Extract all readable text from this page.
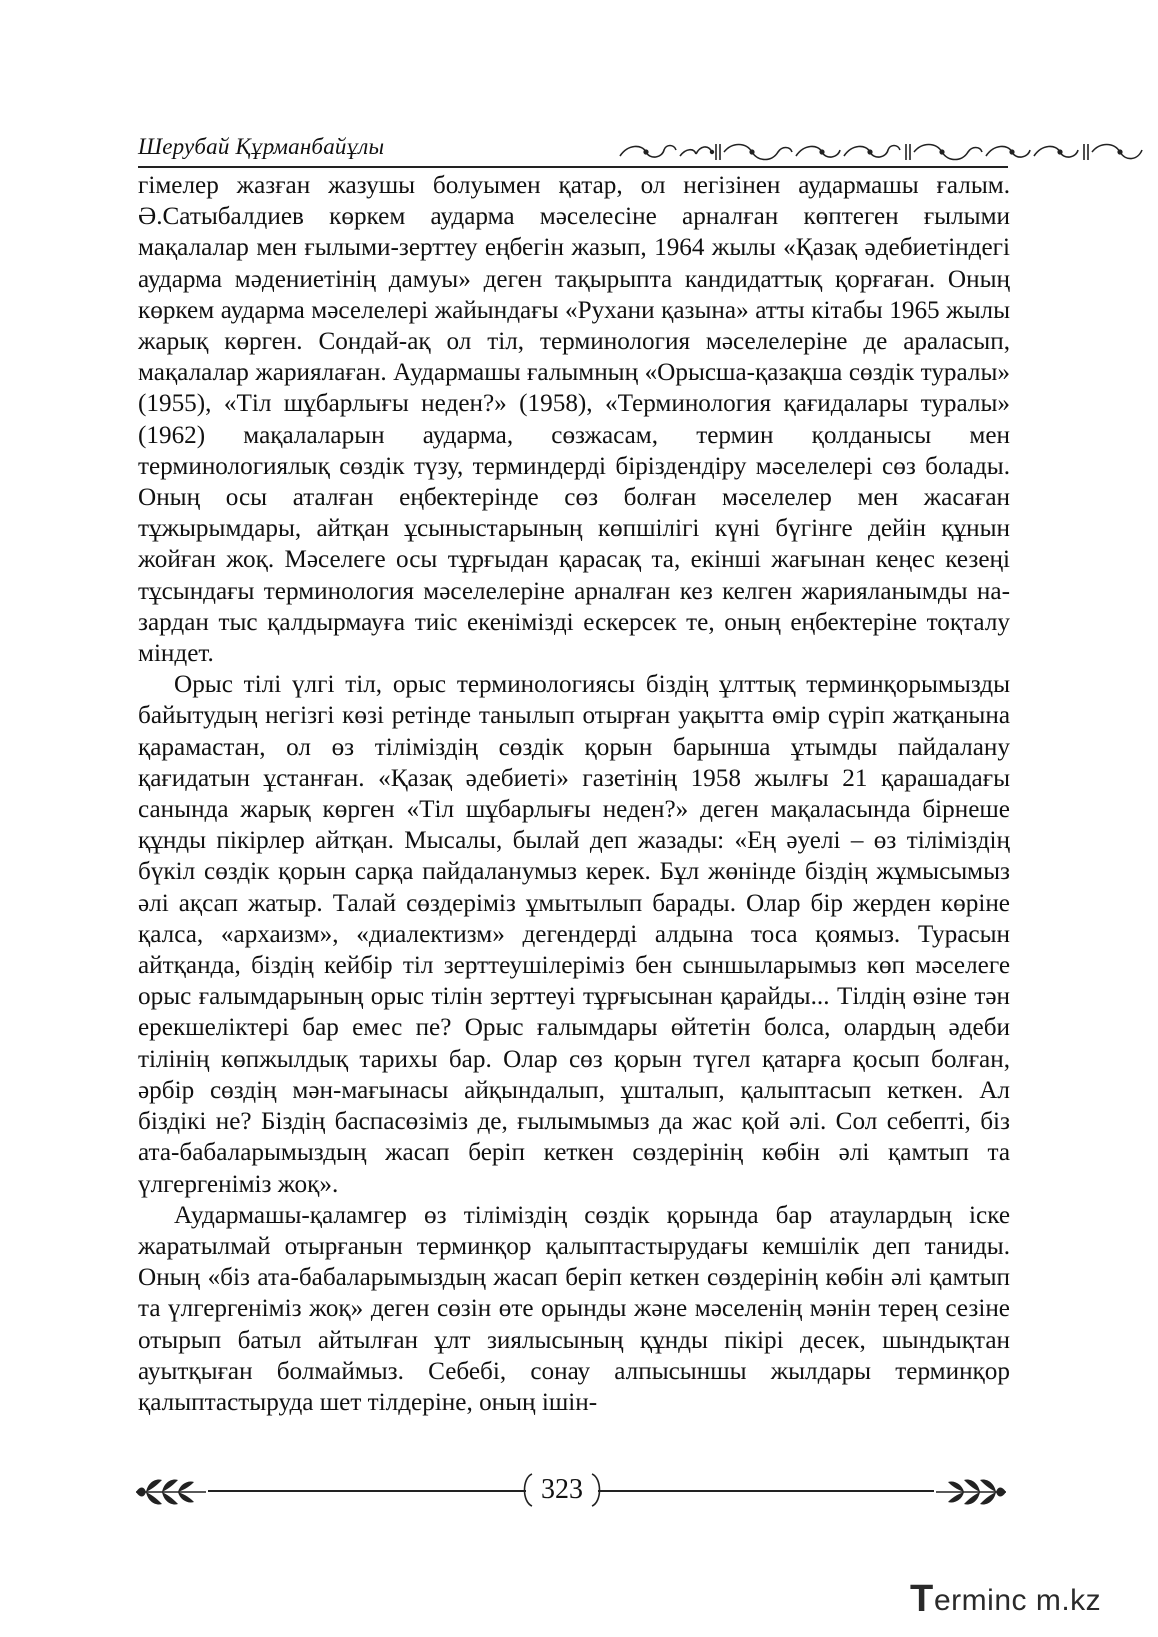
Шерубай Құрманбайұлы

гімелер жазған жазушы болуымен қатар, ол негізінен аудармашы ғалым. Ә.Сатыбалдиев көркем аударма мәселесіне арналған көптеген ғылыми мақалалар мен ғылыми-зерттеу еңбегін жазып, 1964 жылы «Қазақ әдебиетіндегі аударма мәдениетінің дамуы» деген тақырыпта кандидаттық қорғаған. Оның көркем аударма мәселелері жайындағы «Рухани қазына» атты кітабы 1965 жылы жарық көрген. Сондай-ақ ол тіл, терминология мәселелеріне де араласып, мақалалар жариялаған. Аудармашы ғалымның «Орысша-қазақша сөздік туралы» (1955), «Тіл шұбарлығы неден?» (1958), «Терминология қағидалары туралы» (1962) мақалаларын аударма, сөзжасам, термин қолданысы мен терминологиялық сөздік түзу, терминдерді біріздендіру мәселелері сөз болады. Оның осы аталған еңбектерінде сөз болған мәселелер мен жасаған тұжырымдары, айтқан ұсыныстарының көпшілігі күні бүгінге дейін құнын жойған жоқ. Мәселеге осы тұрғыдан қарасақ та, екінші жағынан кеңес кезеңі тұсындағы терминология мәселелеріне арналған кез келген жарияланымды назардан тыс қалдырмауға тиіс екенімізді ескерсек те, оның еңбектеріне тоқталу міндет.

Орыс тілі үлгі тіл, орыс терминологиясы біздің ұлттық терминқорымызды байытудың негізгі көзі ретінде танылып отырған уақытта өмір сүріп жатқанына қарамастан, ол өз тіліміздің сөздік қорын барынша ұтымды пайдалану қағидатын ұстанған. «Қазақ әдебиеті» газетінің 1958 жылғы 21 қарашадағы санында жарық көрген «Тіл шұбарлығы неден?» деген мақаласында бірнеше құнды пікірлер айтқан. Мысалы, былай деп жазады: «Ең әуелі – өз тіліміздің бүкіл сөздік қорын сарқа пайдаланумыз керек. Бұл жөнінде біздің жұмысымыз әлі ақсап жатыр. Талай сөздеріміз ұмытылып барады. Олар бір жерден көріне қалса, «архаизм», «диалектизм» дегендерді алдына тоса қоямыз. Турасын айтқанда, біздің кейбір тіл зерттеушілеріміз бен сыншыларымыз көп мәселеге орыс ғалымдарының орыс тілін зерттеуі тұрғысынан қарайды... Тілдің өзіне тән ерекшеліктері бар емес пе? Орыс ғалымдары өйтетін болса, олардың әдеби тілінің көпжылдық тарихы бар. Олар сөз қорын түгел қатарға қосып болған, әрбір сөздің мән-мағынасы айқындалып, ұшталып, қалыптасып кеткен. Ал біздікі не? Біздің баспасөзіміз де, ғылымымыз да жас қой әлі. Сол себепті, біз ата-бабаларымыздың жасап беріп кеткен сөздерінің көбін әлі қамтып та үлгергеніміз жоқ».

Аудармашы-қаламгер өз тіліміздің сөздік қорында бар атаулардың іске жаратылмай отырғанын терминқор қалыптастырудағы кемшілік деп таниды. Оның «біз ата-бабаларымыздың жасап беріп кеткен сөздерінің көбін әлі қамтып та үлгергеніміз жоқ» деген сөзін өте орынды және мәселенің мәнін терең сезіне отырып батыл айтылған ұлт зиялысының құнды пікірі десек, шындықтан ауытқыған болмаймыз. Себебі, сонау алпысыншы жылдары терминқор қалыптастыруда шет тілдеріне, оның ішін-

323
T erminc m.kz
